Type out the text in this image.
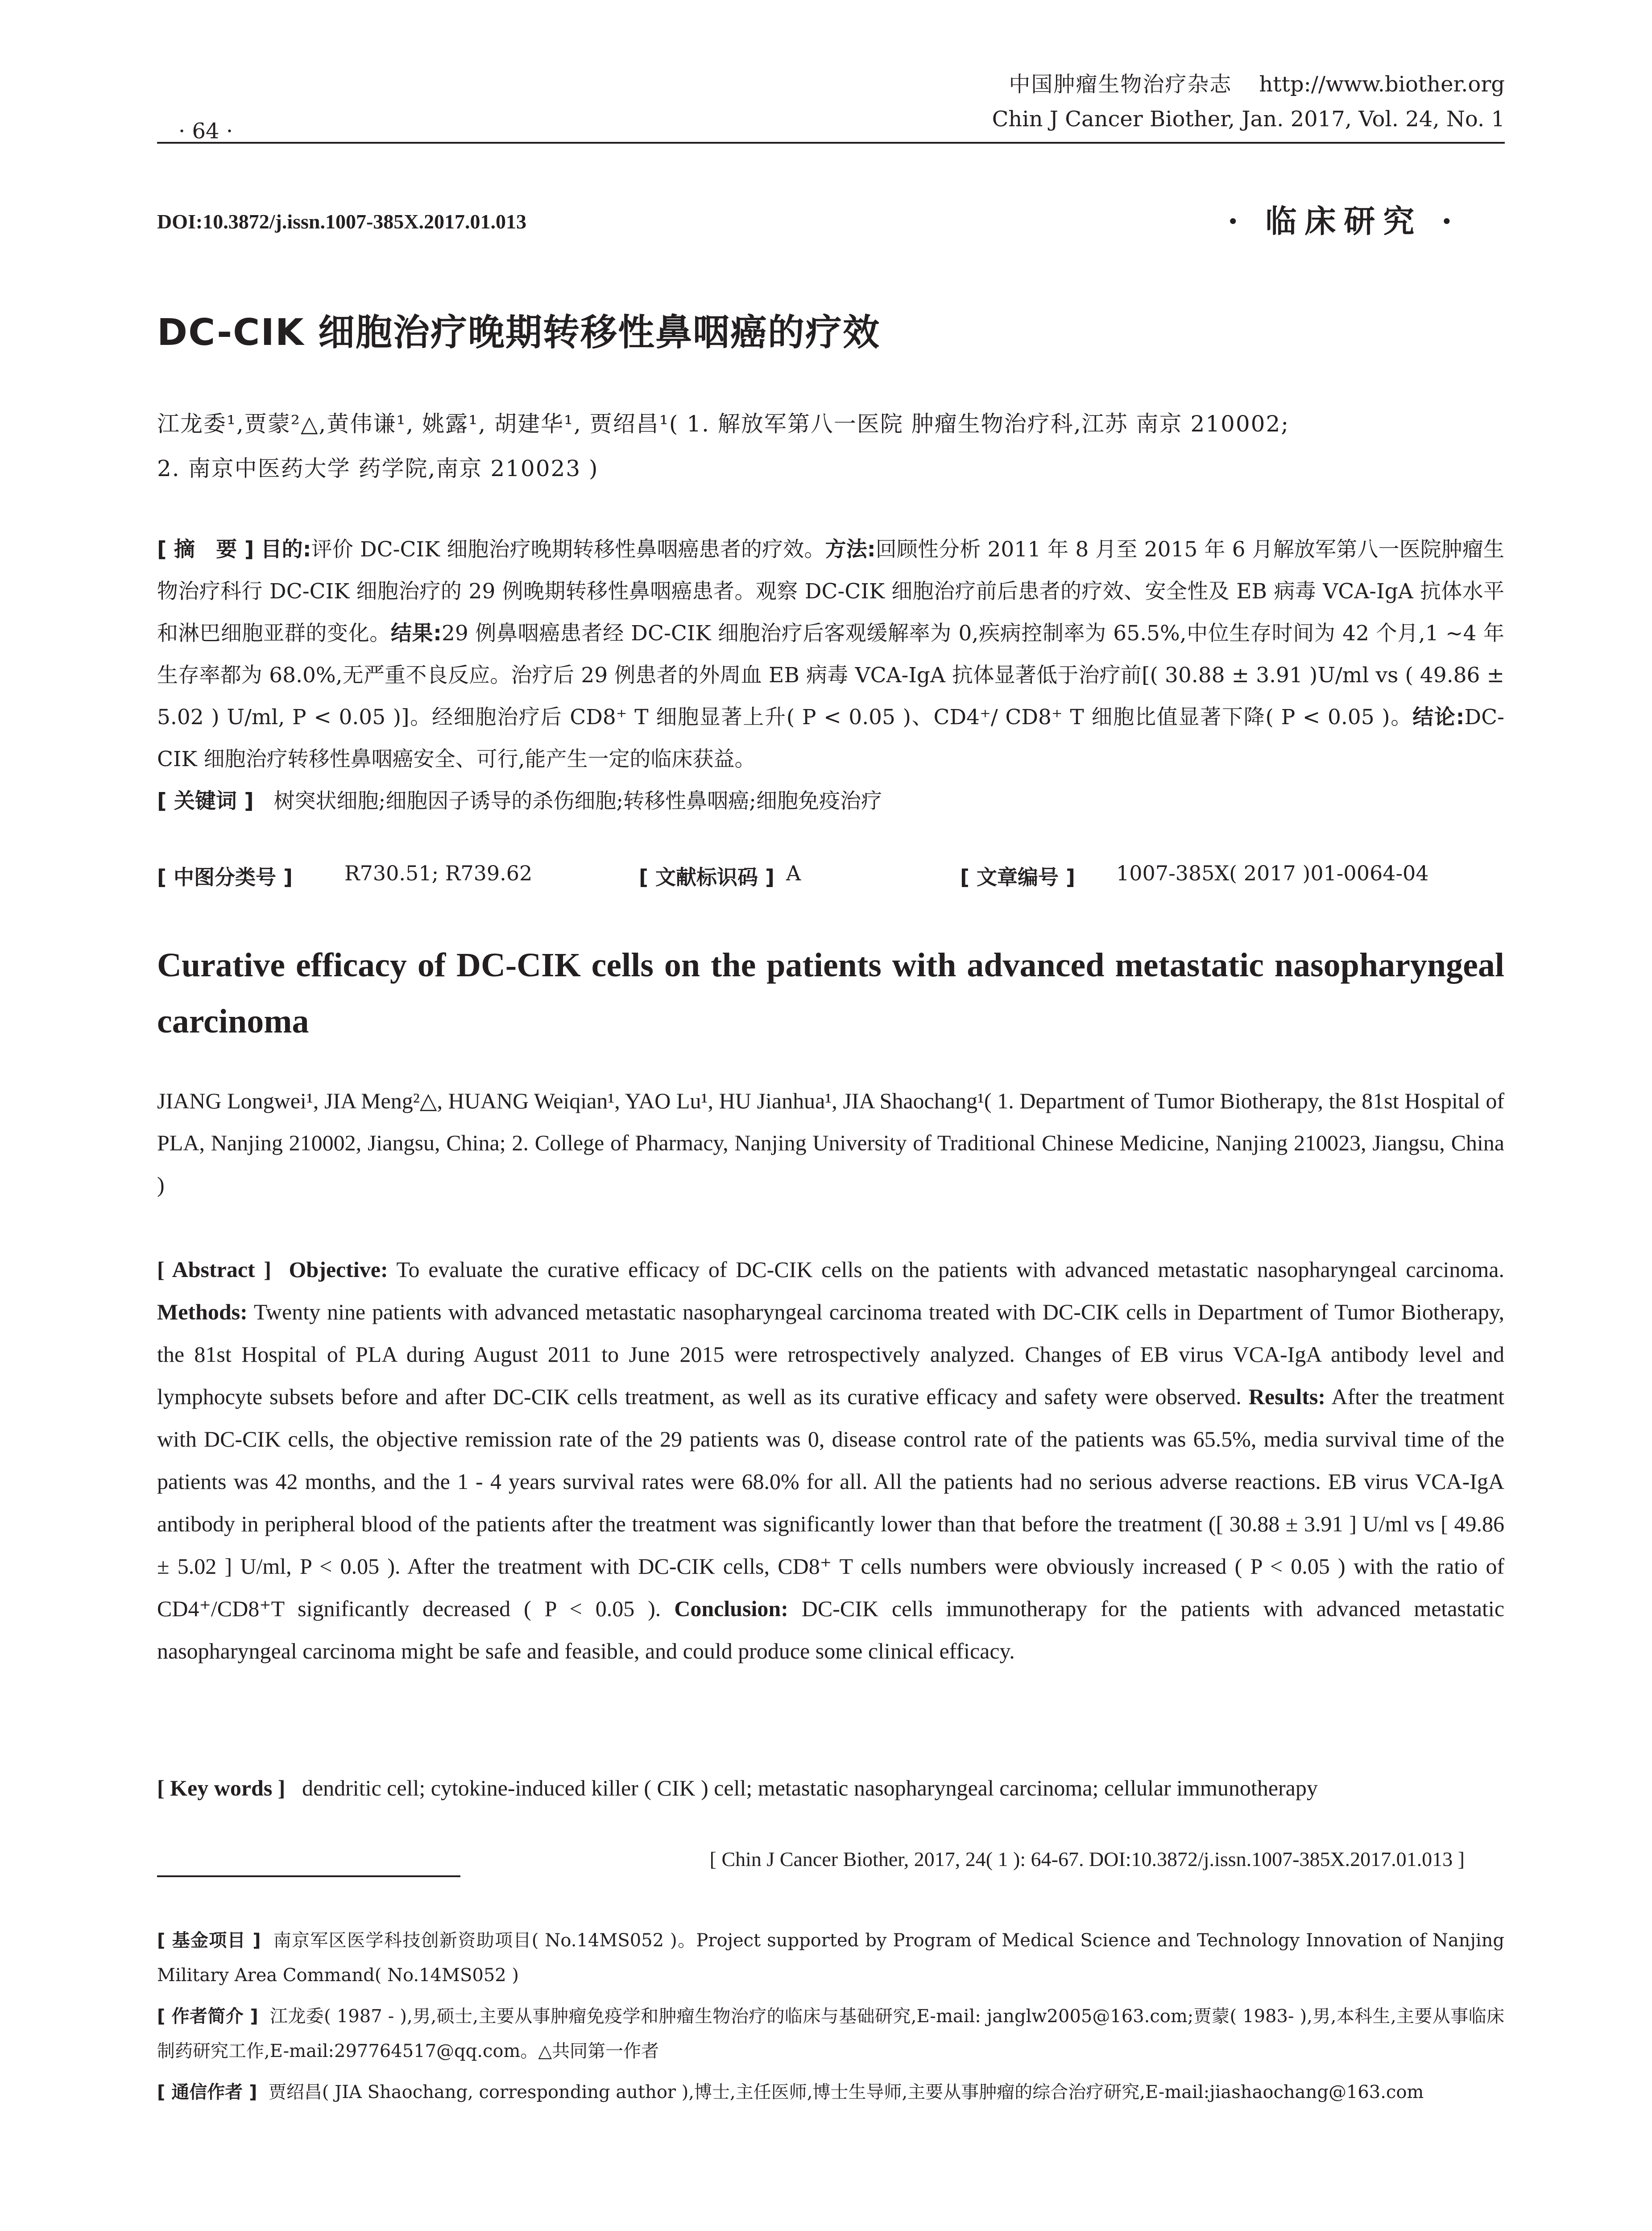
中国肿瘤生物治疗杂志 http://www.biother.org
Chin J Cancer Biother, Jan. 2017, Vol. 24, No. 1
· 64 ·
DOI:10.3872/j.issn.1007-385X.2017.01.013	· 临床研究 ·
DC-CIK 细胞治疗晚期转移性鼻咽癌的疗效
江龙委¹,贾蒙²△,黄伟谦¹, 姚露¹, 胡建华¹, 贾绍昌¹( 1. 解放军第八一医院 肿瘤生物治疗科,江苏 南京 210002;
2. 南京中医药大学 药学院,南京 210023 )

[ 摘　要 ] 目的:评价 DC-CIK 细胞治疗晚期转移性鼻咽癌患者的疗效。方法:回顾性分析 2011 年 8 月至 2015 年 6 月解放军第八一医院肿瘤生物治疗科行 DC-CIK 细胞治疗的 29 例晚期转移性鼻咽癌患者。观察 DC-CIK 细胞治疗前后患者的疗效、安全性及 EB 病毒 VCA-IgA 抗体水平和淋巴细胞亚群的变化。结果:29 例鼻咽癌患者经 DC-CIK 细胞治疗后客观缓解率为 0,疾病控制率为 65.5%,中位生存时间为 42 个月,1 ~4 年生存率都为 68.0%,无严重不良反应。治疗后 29 例患者的外周血 EB 病毒 VCA-IgA 抗体显著低于治疗前[( 30.88 ± 3.91 )U/ml vs ( 49.86 ± 5.02 ) U/ml, P < 0.05 )]。经细胞治疗后 CD8⁺ T 细胞显著上升( P < 0.05 )、CD4⁺/ CD8⁺ T 细胞比值显著下降( P < 0.05 )。结论:DC-CIK 细胞治疗转移性鼻咽癌安全、可行,能产生一定的临床获益。

[ 关键词 ] 树突状细胞;细胞因子诱导的杀伤细胞;转移性鼻咽癌;细胞免疫治疗
[ 中图分类号 ]	R730.51; R739.62	[ 文献标识码 ] A	[ 文章编号 ] 1007-385X( 2017 )01-0064-04
Curative efficacy of DC-CIK cells on the patients with advanced metastatic nasopharyngeal carcinoma
JIANG Longwei¹, JIA Meng²△, HUANG Weiqian¹, YAO Lu¹, HU Jianhua¹, JIA Shaochang¹( 1. Department of Tumor Biotherapy, the 81st Hospital of PLA, Nanjing 210002, Jiangsu, China; 2. College of Pharmacy, Nanjing University of Traditional Chinese Medicine, Nanjing 210023, Jiangsu, China )
[ Abstract ] Objective: To evaluate the curative efficacy of DC-CIK cells on the patients with advanced metastatic nasopharyngeal carcinoma. Methods: Twenty nine patients with advanced metastatic nasopharyngeal carcinoma treated with DC-CIK cells in Department of Tumor Biotherapy, the 81st Hospital of PLA during August 2011 to June 2015 were retrospectively analyzed. Changes of EB virus VCA-IgA antibody level and lymphocyte subsets before and after DC-CIK cells treatment, as well as its curative efficacy and safety were observed. Results: After the treatment with DC-CIK cells, the objective remission rate of the 29 patients was 0, disease control rate of the patients was 65.5%, media survival time of the patients was 42 months, and the 1 - 4 years survival rates were 68.0% for all. All the patients had no serious adverse reactions. EB virus VCA-IgA antibody in peripheral blood of the patients after the treatment was significantly lower than that before the treatment ([ 30.88 ± 3.91 ] U/ml vs [ 49.86 ± 5.02 ] U/ml, P < 0.05 ). After the treatment with DC-CIK cells, CD8⁺ T cells numbers were obviously increased ( P < 0.05 ) with the ratio of CD4⁺/CD8⁺T significantly decreased ( P < 0.05 ). Conclusion: DC-CIK cells immunotherapy for the patients with advanced metastatic nasopharyngeal carcinoma might be safe and feasible, and could produce some clinical efficacy.
[ Key words ] dendritic cell; cytokine-induced killer ( CIK ) cell; metastatic nasopharyngeal carcinoma; cellular immunotherapy
[ Chin J Cancer Biother, 2017, 24( 1 ): 64-67. DOI:10.3872/j.issn.1007-385X.2017.01.013 ]
[ 基金项目 ] 南京军区医学科技创新资助项目( No.14MS052 )。Project supported by Program of Medical Science and Technology Innovation of Nanjing Military Area Command( No.14MS052 )
[ 作者简介 ] 江龙委( 1987 - ),男,硕士,主要从事肿瘤免疫学和肿瘤生物治疗的临床与基础研究,E-mail: janglw2005@163.com;贾蒙( 1983- ),男,本科生,主要从事临床制药研究工作,E-mail:297764517@qq.com。△共同第一作者
[ 通信作者 ] 贾绍昌( JIA Shaochang, corresponding author ),博士,主任医师,博士生导师,主要从事肿瘤的综合治疗研究,E-mail:jiashaochang@163.com
